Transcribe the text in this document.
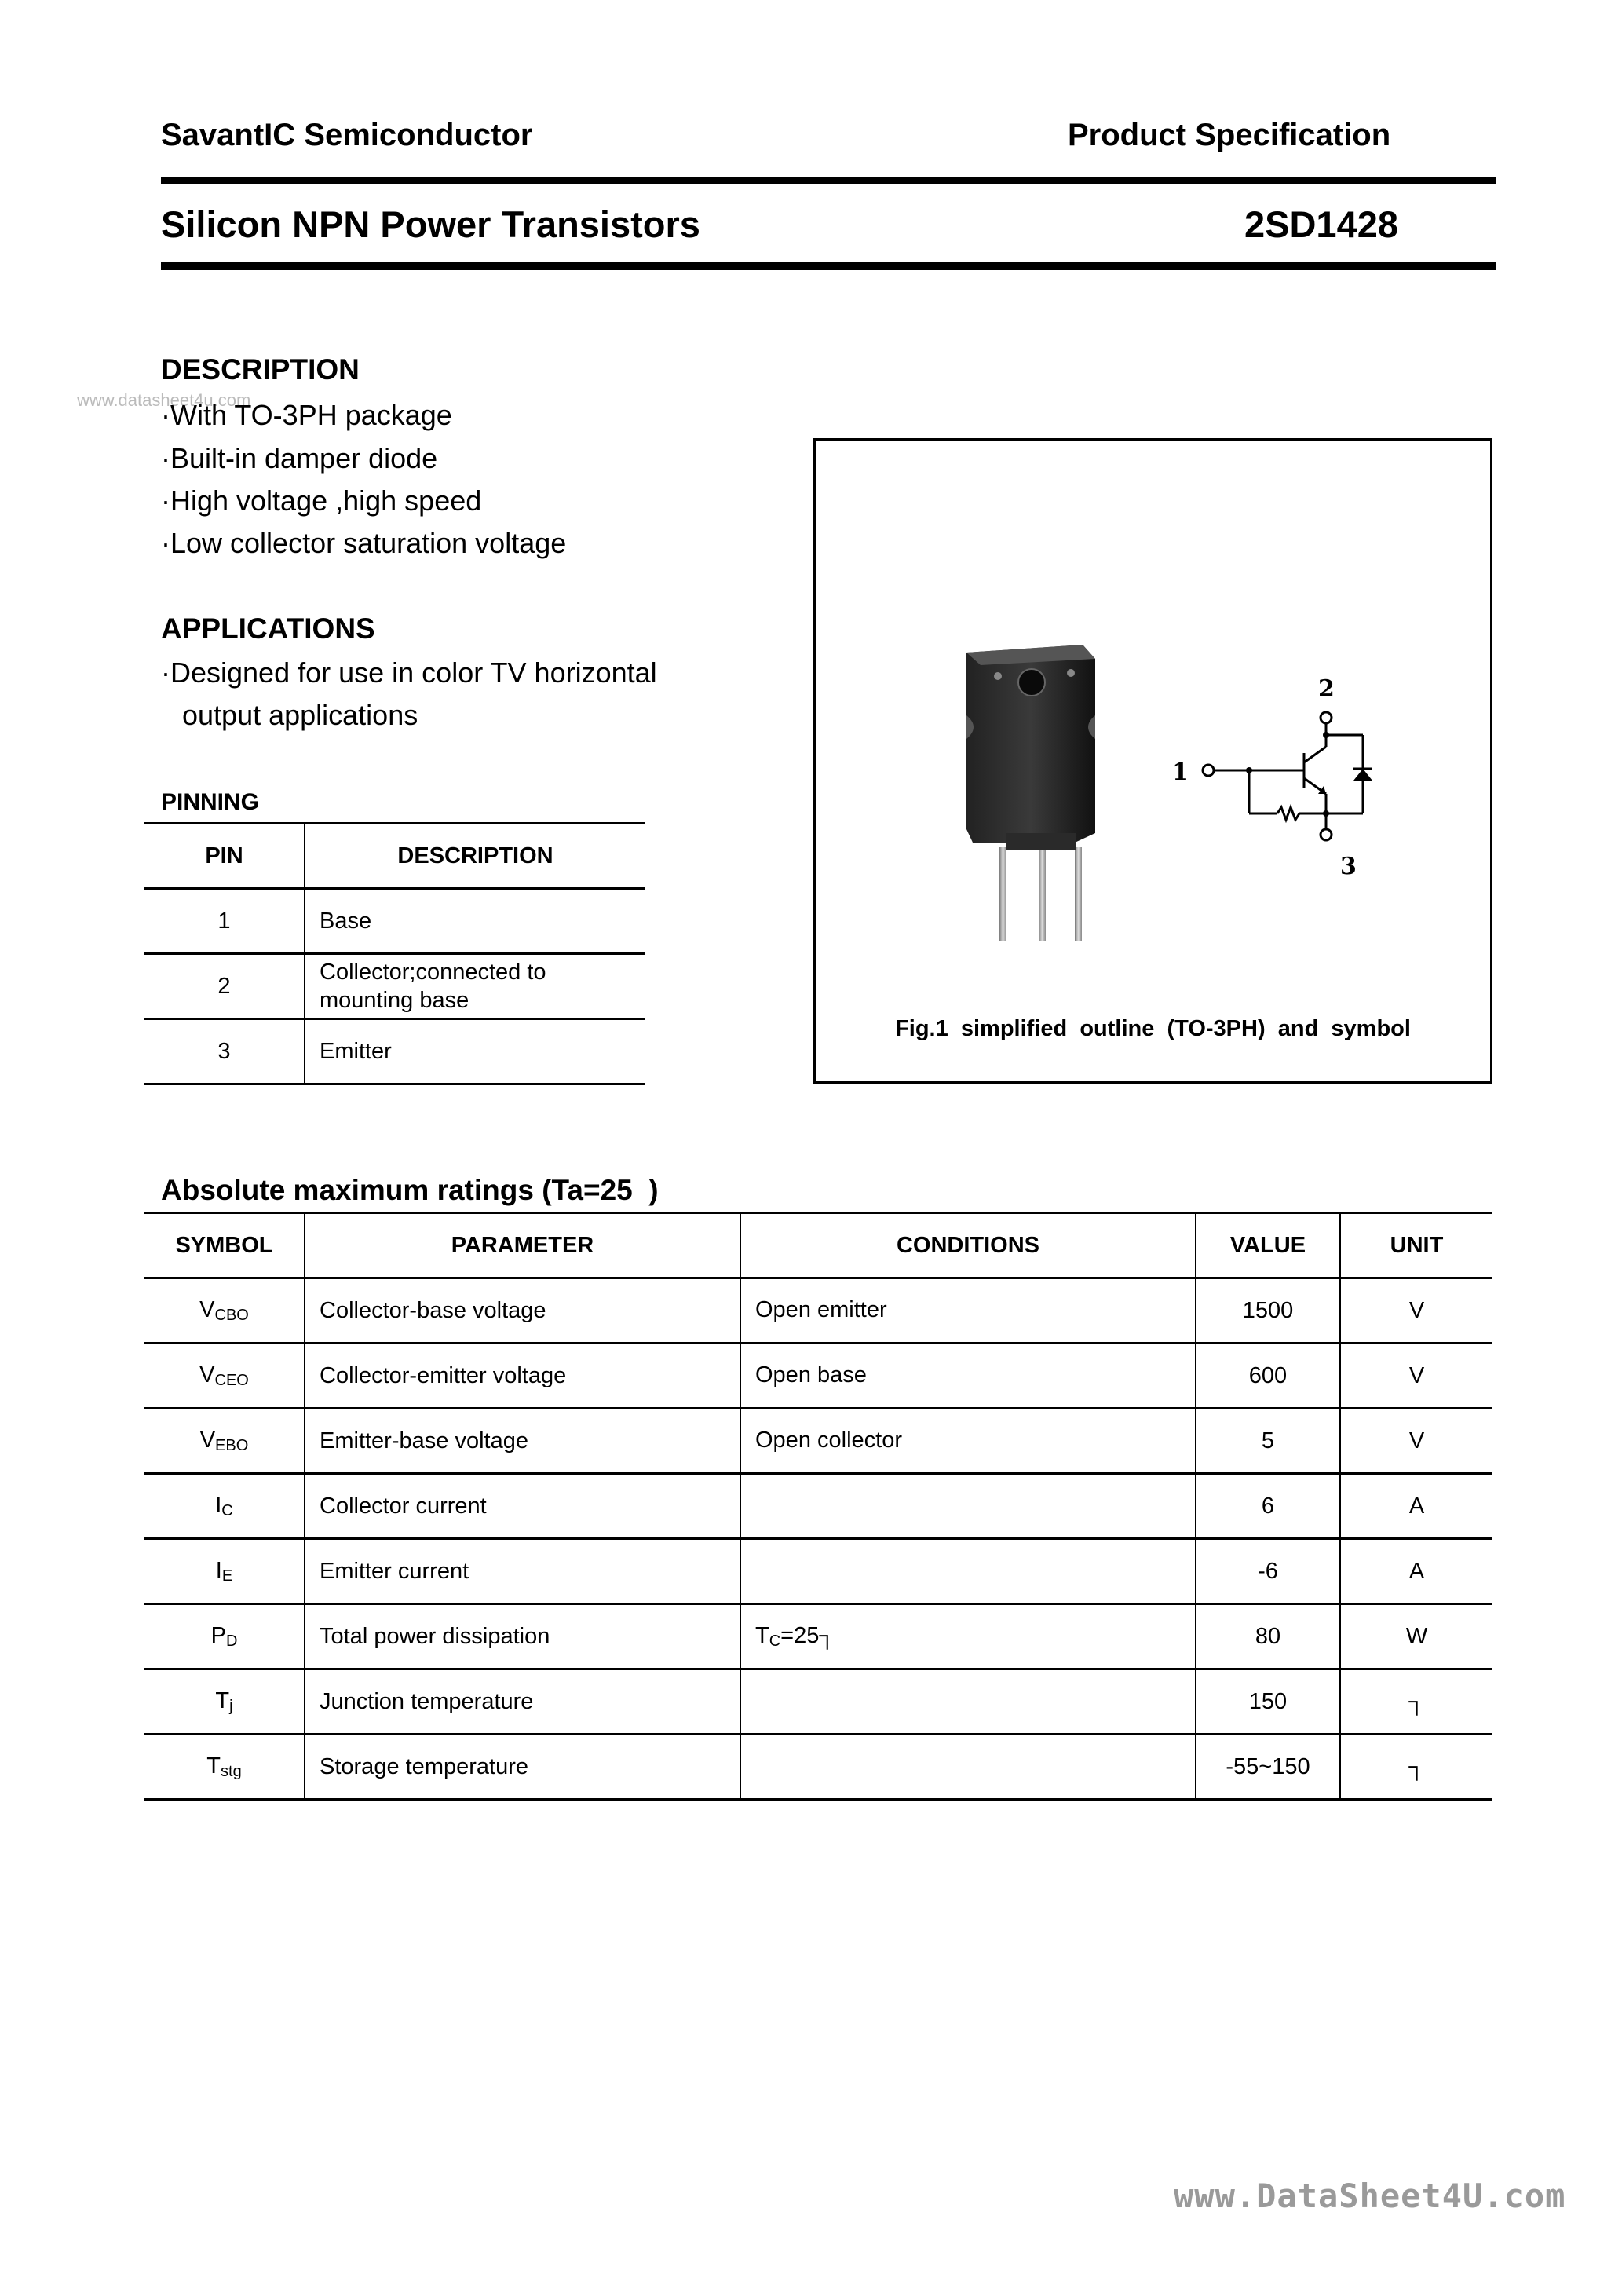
SavantIC Semiconductor	Product Specification
Silicon NPN Power Transistors	2SD1428
DESCRIPTION
www.datasheet4u.com
·With TO-3PH package
·Built-in damper diode
·High voltage ,high speed
·Low collector saturation voltage
APPLICATIONS
·Designed for use in color TV horizontal
output applications
PINNING
PIN	DESCRIPTION
1	Base
2	Collector;connected to
mounting base

3	Emitter
1
2
3
Fig.1  simplified  outline  (TO-3PH)  and  symbol
Absolute maximum ratings (Ta=25  )
SYMBOL	PARAMETER	CONDITIONS	VALUE	UNIT
$V_{CBO}$	Collector-base voltage	Open emitter	1500	V
$V_{CEO}$	Collector-emitter voltage	Open base	600	V
$V_{EBO}$	Emitter-base voltage	Open collector	5	V
$I_C$	Collector current		6	A
$I_E$	Emitter current		-6	A
$P_D$	Total power dissipation	$T_C=25┐$	80	W
$T_j$	Junction temperature		150	┐
$T_{stg}$	Storage temperature		-55~150	┐
www.DataSheet4U.com
